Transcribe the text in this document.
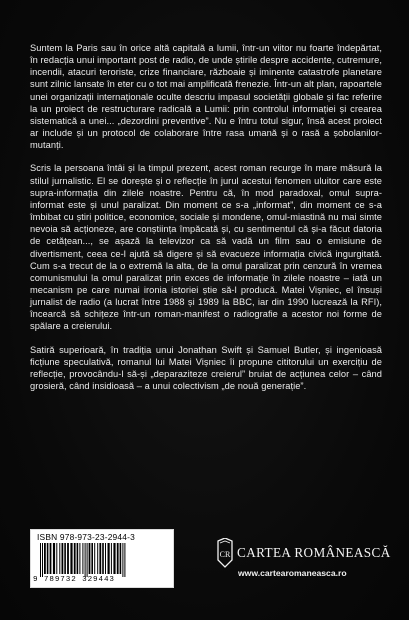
Suntem la Paris sau în orice altă capitală a lumii, într-un viitor nu foarte îndepărtat, în redacția unui important post de radio, de unde știrile despre accidente, cutremure, incendii, atacuri teroriste, crize financiare, războaie și iminente catastrofe planetare sunt zilnic lansate în eter cu o tot mai amplificată frenezie. Într-un alt plan, rapoartele unei organizații internaționale oculte descriu impasul societății globale și fac referire la un proiect de restructurare radicală a Lumii: prin controlul informației și crearea sistematică a unei... „dezordini preventive”. Nu e întru totul sigur, însă acest proiect ar include și un protocol de colaborare între rasa umană și o rasă a șobolanilor-mutanți.

Scris la persoana întâi și la timpul prezent, acest roman recurge în mare măsură la stilul jurnalistic. El se dorește și o reflecție în jurul acestui fenomen uluitor care este supra-informația din zilele noastre. Pentru că, în mod paradoxal, omul supra-informat este și unul paralizat. Din moment ce s-a „informat”, din moment ce s-a îmbibat cu știri politice, economice, sociale și mondene, omul-miastină nu mai simte nevoia să acționeze, are conștiința împăcată și, cu sentimentul că și-a făcut datoria de cetățean..., se așază la televizor ca să vadă un film sau o emisiune de divertisment, ceea ce-l ajută să digere și să evacueze informația civică ingurgitată. Cum s-a trecut de la o extremă la alta, de la omul paralizat prin cenzură în vremea comunismului la omul paralizat prin exces de informație în zilele noastre – iată un mecanism pe care numai ironia istoriei știe să-l producă. Matei Vișniec, el însuși jurnalist de radio (a lucrat între 1988 și 1989 la BBC, iar din 1990 lucrează la RFI), încearcă să schițeze într-un roman-manifest o radiografie a acestor noi forme de spălare a creierului.

Satiră superioară, în tradiția unui Jonathan Swift și Samuel Butler, și ingenioasă ficțiune speculativă, romanul lui Matei Vișniec îi propune cititorului un exercițiu de reflecție, provocându-l să-și „deparaziteze creierul” bruiat de acțiunea celor – când grosieră, când insidioasă – a unui colectivism „de nouă generație”.

ISBN 978-973-23-2944-3
9 789732 329443
CR CARTEA ROMÂNEASCĂ
www.cartearomaneasca.ro
